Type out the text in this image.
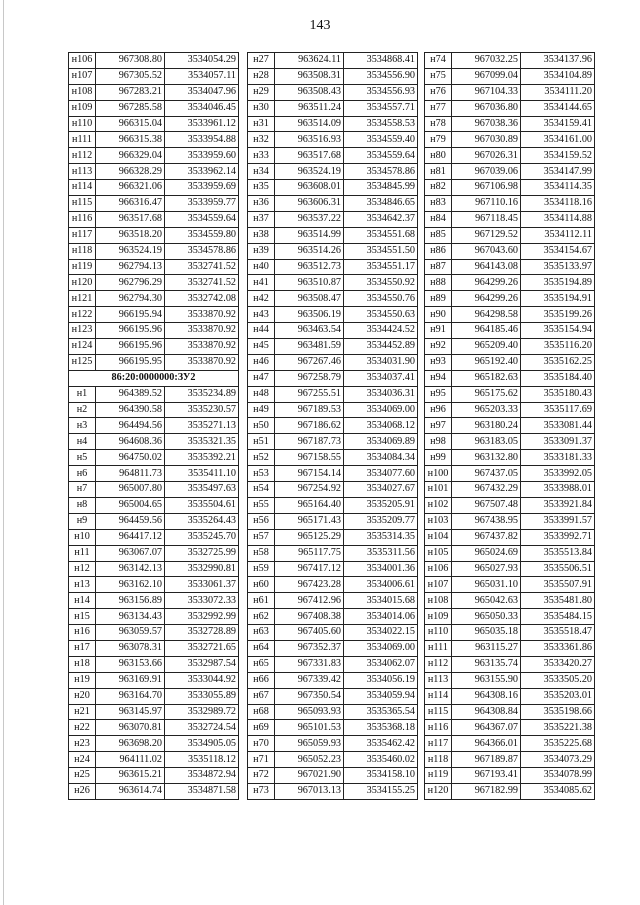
143
н106	967308.80	3534054.29
н107	967305.52	3534057.11
н108	967283.21	3534047.96
н109	967285.58	3534046.45
н110	966315.04	3533961.12
н111	966315.38	3533954.88
н112	966329.04	3533959.60
н113	966328.29	3533962.14
н114	966321.06	3533959.69
н115	966316.47	3533959.77
н116	963517.68	3534559.64
н117	963518.20	3534559.80
н118	963524.19	3534578.86
н119	962794.13	3532741.52
н120	962796.29	3532741.52
н121	962794.30	3532742.08
н122	966195.94	3533870.92
н123	966195.96	3533870.92
н124	966195.96	3533870.92
н125	966195.95	3533870.92
86:20:0000000:ЗУ2		
н1	964389.52	3535234.89
н2	964390.58	3535230.57
н3	964494.56	3535271.13
н4	964608.36	3535321.35
н5	964750.02	3535392.21
н6	964811.73	3535411.10
н7	965007.80	3535497.63
н8	965004.65	3535504.61
н9	964459.56	3535264.43
н10	964417.12	3535245.70
н11	963067.07	3532725.99
н12	963142.13	3532990.81
н13	963162.10	3533061.37
н14	963156.89	3533072.33
н15	963134.43	3532992.99
н16	963059.57	3532728.89
н17	963078.31	3532721.65
н18	963153.66	3532987.54
н19	963169.91	3533044.92
н20	963164.70	3533055.89
н21	963145.97	3532989.72
н22	963070.81	3532724.54
н23	963698.20	3534905.05
н24	964111.02	3535118.12
н25	963615.21	3534872.94
н26	963614.74	3534871.58
н27	963624.11	3534868.41
н28	963508.31	3534556.90
н29	963508.43	3534556.93
н30	963511.24	3534557.71
н31	963514.09	3534558.53
н32	963516.93	3534559.40
н33	963517.68	3534559.64
н34	963524.19	3534578.86
н35	963608.01	3534845.99
н36	963606.31	3534846.65
н37	963537.22	3534642.37
н38	963514.99	3534551.68
н39	963514.26	3534551.50
н40	963512.73	3534551.17
н41	963510.87	3534550.92
н42	963508.47	3534550.76
н43	963506.19	3534550.63
н44	963463.54	3534424.52
н45	963481.59	3534452.89
н46	967267.46	3534031.90
н47	967258.79	3534037.41
н48	967255.51	3534036.31
н49	967189.53	3534069.00
н50	967186.62	3534068.12
н51	967187.73	3534069.89
н52	967158.55	3534084.34
н53	967154.14	3534077.60
н54	967254.92	3534027.67
н55	965164.40	3535205.91
н56	965171.43	3535209.77
н57	965125.29	3535314.35
н58	965117.75	3535311.56
н59	967417.12	3534001.36
н60	967423.28	3534006.61
н61	967412.96	3534015.68
н62	967408.38	3534014.06
н63	967405.60	3534022.15
н64	967352.37	3534069.00
н65	967331.83	3534062.07
н66	967339.42	3534056.19
н67	967350.54	3534059.94
н68	965093.93	3535365.54
н69	965101.53	3535368.18
н70	965059.93	3535462.42
н71	965052.23	3535460.02
н72	967021.90	3534158.10
н73	967013.13	3534155.25
н74	967032.25	3534137.96
н75	967099.04	3534104.89
н76	967104.33	3534111.20
н77	967036.80	3534144.65
н78	967038.36	3534159.41
н79	967030.89	3534161.00
н80	967026.31	3534159.52
н81	967039.06	3534147.99
н82	967106.98	3534114.35
н83	967110.16	3534118.16
н84	967118.45	3534114.88
н85	967129.52	3534112.11
н86	967043.60	3534154.67
н87	964143.08	3535133.97
н88	964299.26	3535194.89
н89	964299.26	3535194.91
н90	964298.58	3535199.26
н91	964185.46	3535154.94
н92	965209.40	3535116.20
н93	965192.40	3535162.25
н94	965182.63	3535184.40
н95	965175.62	3535180.43
н96	965203.33	3535117.69
н97	963180.24	3533081.44
н98	963183.05	3533091.37
н99	963132.80	3533181.33
н100	967437.05	3533992.05
н101	967432.29	3533988.01
н102	967507.48	3533921.84
н103	967438.95	3533991.57
н104	967437.82	3533992.71
н105	965024.69	3535513.84
н106	965027.93	3535506.51
н107	965031.10	3535507.91
н108	965042.63	3535481.80
н109	965050.33	3535484.15
н110	965035.18	3535518.47
н111	963115.27	3533361.86
н112	963135.74	3533420.27
н113	963155.90	3533505.20
н114	964308.16	3535203.01
н115	964308.84	3535198.66
н116	964367.07	3535221.38
н117	964366.01	3535225.68
н118	967189.87	3534073.29
н119	967193.41	3534078.99
н120	967182.99	3534085.62
